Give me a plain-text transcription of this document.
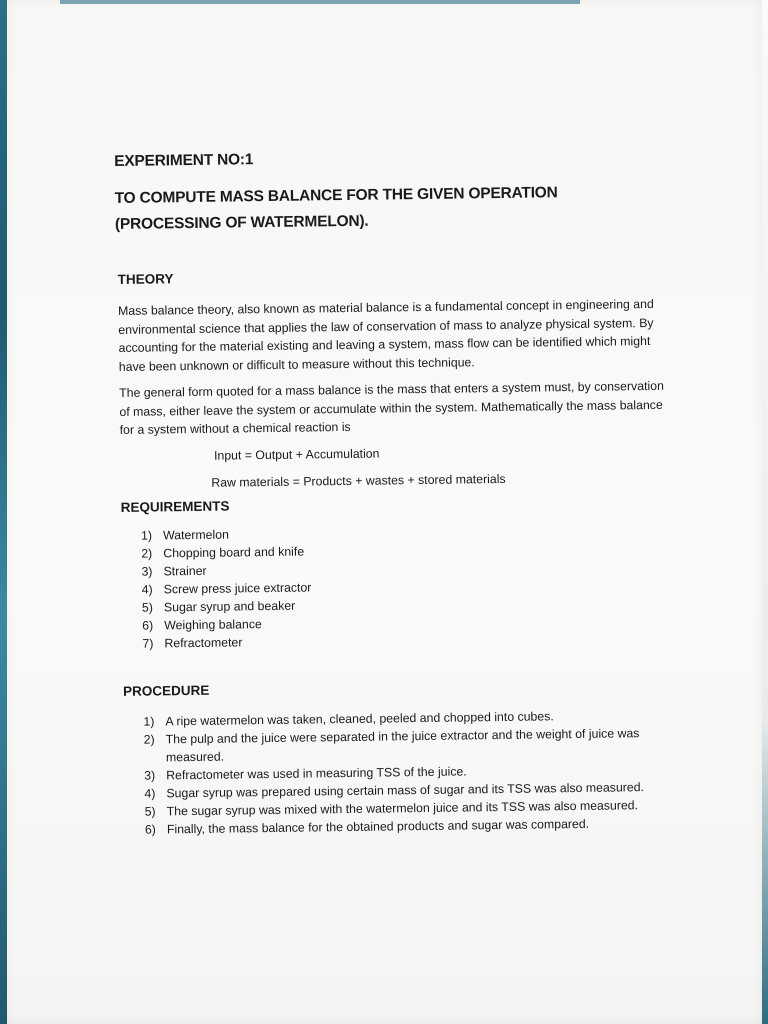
EXPERIMENT NO:1
TO COMPUTE MASS BALANCE FOR THE GIVEN OPERATION
(PROCESSING OF WATERMELON).
THEORY
Mass balance theory, also known as material balance is a fundamental concept in engineering and environmental science that applies the law of conservation of mass to analyze physical system. By accounting for the material existing and leaving a system, mass flow can be identified which might have been unknown or difficult to measure without this technique.
The general form quoted for a mass balance is the mass that enters a system must, by conservation of mass, either leave the system or accumulate within the system. Mathematically the mass balance for a system without a chemical reaction is
Input = Output + Accumulation
Raw materials = Products + wastes + stored materials
REQUIREMENTS
1) Watermelon
2) Chopping board and knife
3) Strainer
4) Screw press juice extractor
5) Sugar syrup and beaker
6) Weighing balance
7) Refractometer
PROCEDURE
1) A ripe watermelon was taken, cleaned, peeled and chopped into cubes.
2) The pulp and the juice were separated in the juice extractor and the weight of juice was measured.
3) Refractometer was used in measuring TSS of the juice.
4) Sugar syrup was prepared using certain mass of sugar and its TSS was also measured.
5) The sugar syrup was mixed with the watermelon juice and its TSS was also measured.
6) Finally, the mass balance for the obtained products and sugar was compared.
